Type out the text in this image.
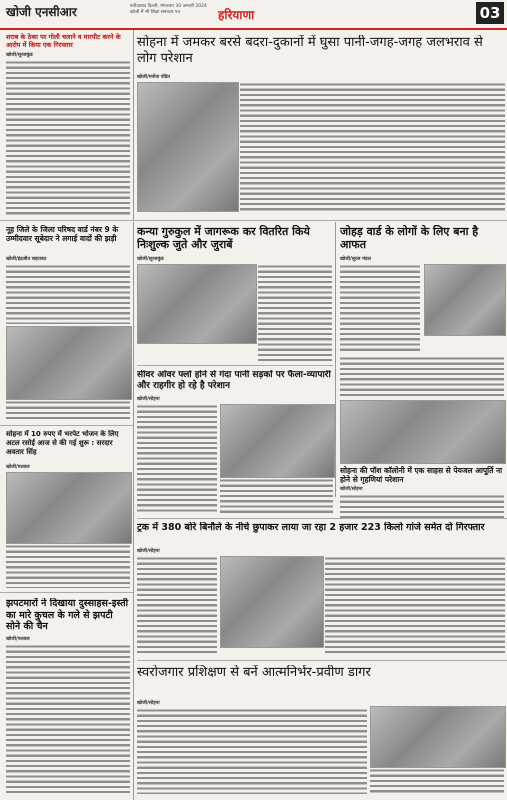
खोजी एनसीआर	फरीदाबाद दिल्ली, मंगलवार 30 जनवरी 2024
खोजी मैं भी शिक्षा समाचार पत्र	हरियाणा	03
शराब के ठेका पर गोली चलाने व मारपीट करने के आरोप में किया एक गिरफ्तार
खोजी/सूरजकुंड
सोहना में जमकर बरसे बदरा-दुकानों में घुसा पानी-जगह-जगह जलभराव से लोग परेशान
खोजी/मनोज पंडित
कन्या गुरुकुल में जागरूक कर वितरित किये निःशुल्क जुते और जुराबें
खोजी/सूरजकुंड
जोहड़ वार्ड के लोगों के लिए बना है आफत
खोजी/सूरज मंडल
नूह जिले के जिला परिषद वार्ड नंबर 9 के उम्मीदवार सूबेदार ने लगाई वादों की झड़ी
खोजी/इंद्रजीत सहरावत
सीवर ओवर फ्लो होने से गंदा पानी सड़कों पर फैला-व्यापारी और राहगीर हो रहे है परेशान
खोजी/सोहना
सोहना की पॉश कॉलोनी में एक साहस से पेयजल आपूर्ति ना होने से गृहणियां परेशान
खोजी/सोहना
सोहना में 10 रुपए में भरपेट भोजन के लिए अटल रसोई आज से की गई शुरू : सरदार अवतार सिंह
खोजी/पलवल
ट्रक में 380 बोरे बिनौले के नीचे छुपाकर लाया जा रहा 2 हजार 223 किलो गांजे समेत दो गिरफ्तार
खोजी/सोहना
झपटमारों ने दिखाया दुस्साहस-इस्ती का मारे कुचल के गले से झपटी सोने की चैन
खोजी/पलवल
स्वरोजगार प्रशिक्षण से बनें आत्मनिर्भर-प्रवीण डागर
खोजी/सोहना
